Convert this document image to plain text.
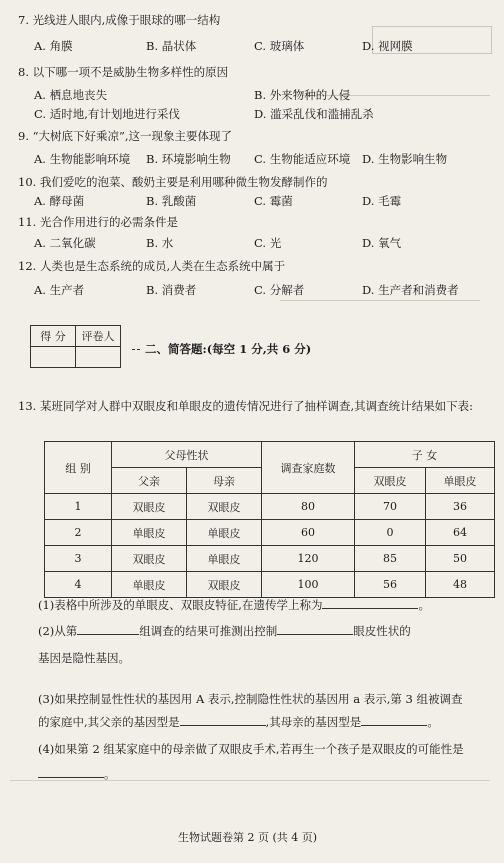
7. 光线进人眼内,成像于眼球的哪一结构
A. 角膜	B. 晶状体	C. 玻璃体	D. 视网膜
8. 以下哪一项不是威胁生物多样性的原因
A. 栖息地丧失	B. 外来物种的人侵
C. 适时地,有计划地进行采伐	D. 滥采乱伐和滥捕乱杀
9. “大树底下好乘凉”,这一现象主要体现了
A. 生物能影响环境 B. 环境影响生物 C. 生物能适应环境 D. 生物影响生物
10. 我们爱吃的泡菜、酸奶主要是利用哪种微生物发酵制作的
A. 酵母菌	B. 乳酸菌	C. 霉菌	D. 毛霉
11. 光合作用进行的必需条件是
A. 二氧化碳	B. 水	C. 光	D. 氧气
12. 人类也是生态系统的成员,人类在生态系统中属于
A. 生产者	B. 消费者	C. 分解者	D. 生产者和消费者
得 分	评卷人

二、简答题:(每空 1 分,共 6 分)
13. 某班同学对人群中双眼皮和单眼皮的遗传情况进行了抽样调查,其调查统计结果如下表:
组 别	父母性状		调查家庭数	子 女	
	父亲	母亲		双眼皮	单眼皮
1	双眼皮	双眼皮	80	70	36
2	单眼皮	单眼皮	60	0	64
3	双眼皮	单眼皮	120	85	50
4	单眼皮	双眼皮	100	56	48
(1)表格中所涉及的单眼皮、双眼皮特征,在遗传学上称为	。
(2)从第	组调查的结果可推测出控制	眼皮性状的
基因是隐性基因。
(3)如果控制显性性状的基因用 A 表示,控制隐性性状的基因用 a 表示,第 3 组被调查
的家庭中,其父亲的基因型是	,其母亲的基因型是	。
(4)如果第 2 组某家庭中的母亲做了双眼皮手术,若再生一个孩子是双眼皮的可能性是
。
生物试题卷第 2 页 (共 4 页)
